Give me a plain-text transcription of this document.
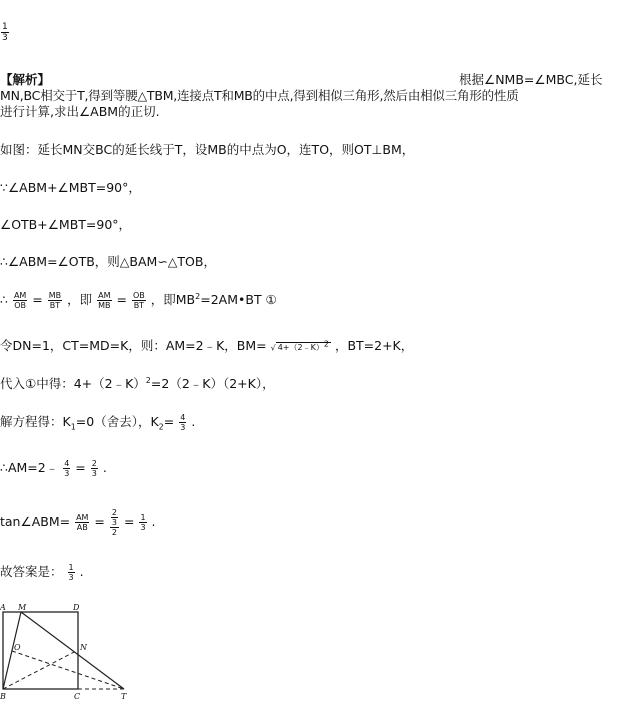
$\frac{1}{3}$
【解析】	根据∠NMB=∠MBC,延长
MN,BC相交于T,得到等腰△TBM,连接点T和MB的中点,得到相似三角形,然后由相似三角形的性质
进行计算,求出∠ABM的正切.
如图：延长MN交BC的延长线于T，设MB的中点为O，连TO，则OT⊥BM，
∵∠ABM+∠MBT=90°，
∠OTB+∠MBT=90°，
∴∠ABM=∠OTB，则△BAM∽△TOB，
∴ $\frac{AM}{OB} = \frac{MB}{BT}$ ，即 $\frac{AM}{MB} = \frac{OB}{BT}$ ，即$MB^2=2AM•BT$ ①
令DN=1，CT=MD=K，则：AM=2﹣K，BM= √ 4+（2﹣K）2 ，BT=2+K，
代入①中得：4+（2﹣K）$^2$=2（2﹣K）（2+K），
解方程得：$K_1=0$（舍去），$K_2= \frac{4}{3}$ .
∴AM=2﹣ $\frac{4}{3} = \frac{2}{3}$ .
tan∠ABM= $\frac{AM}{AB} = \frac{\frac{2}{3}}{2} = \frac{1}{3}$ .
故答案是： $\frac{1}{3}$ .
A M	D
N
O
B	C	T
